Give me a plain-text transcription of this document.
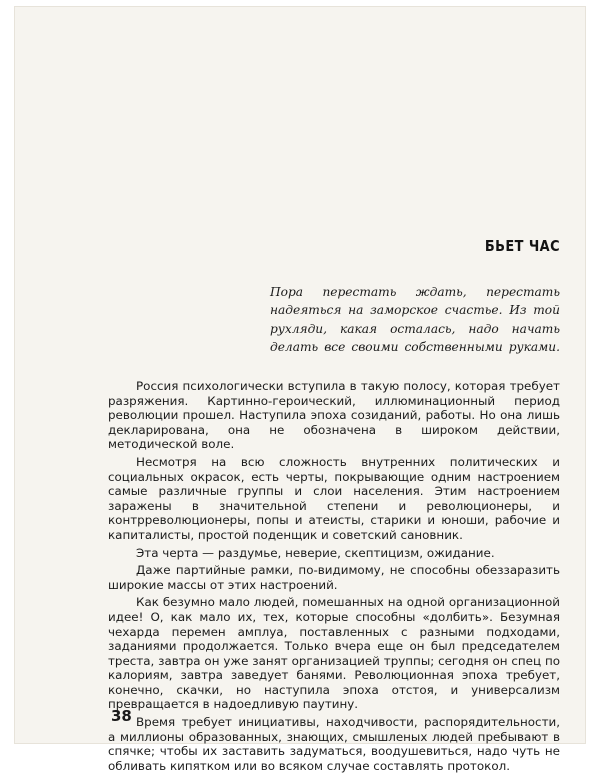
БЬЕТ ЧАС

Пора перестать ждать, перестать надеяться на заморское счастье. Из той рухляди, какая осталась, надо начать делать все своими собственными руками.

Россия психологически вступила в такую полосу, которая требует разряжения. Картинно-героический, иллюминационный период революции прошел. Наступила эпоха созиданий, работы. Но она лишь декларирована, она не обозначена в широком действии, методической воле.

Несмотря на всю сложность внутренних политических и социальных окрасок, есть черты, покрывающие одним настроением самые различные группы и слои населения. Этим настроением заражены в значительной степени и революционеры, и контрреволюционеры, попы и атеисты, старики и юноши, рабочие и капиталисты, простой поденщик и советский сановник.

Эта черта — раздумье, неверие, скептицизм, ожидание.

Даже партийные рамки, по-видимому, не способны обеззаразить широкие массы от этих настроений.

Как безумно мало людей, помешанных на одной организационной идее! О, как мало их, тех, которые способны «долбить». Безумная чехарда перемен амплуа, поставленных с разными подходами, заданиями продолжается. Только вчера еще он был председателем треста, завтра он уже занят организацией труппы; сегодня он спец по калориям, завтра заведует банями. Революционная эпоха требует, конечно, скачки, но наступила эпоха отстоя, и универсализм превращается в надоедливую паутину.

Время требует инициативы, находчивости, распорядительности, а миллионы образованных, знающих, смышленых людей пребывают в спячке; чтобы их заставить задуматься, воодушевиться, надо чуть не обливать кипятком или во всяком случае составлять протокол.

38
